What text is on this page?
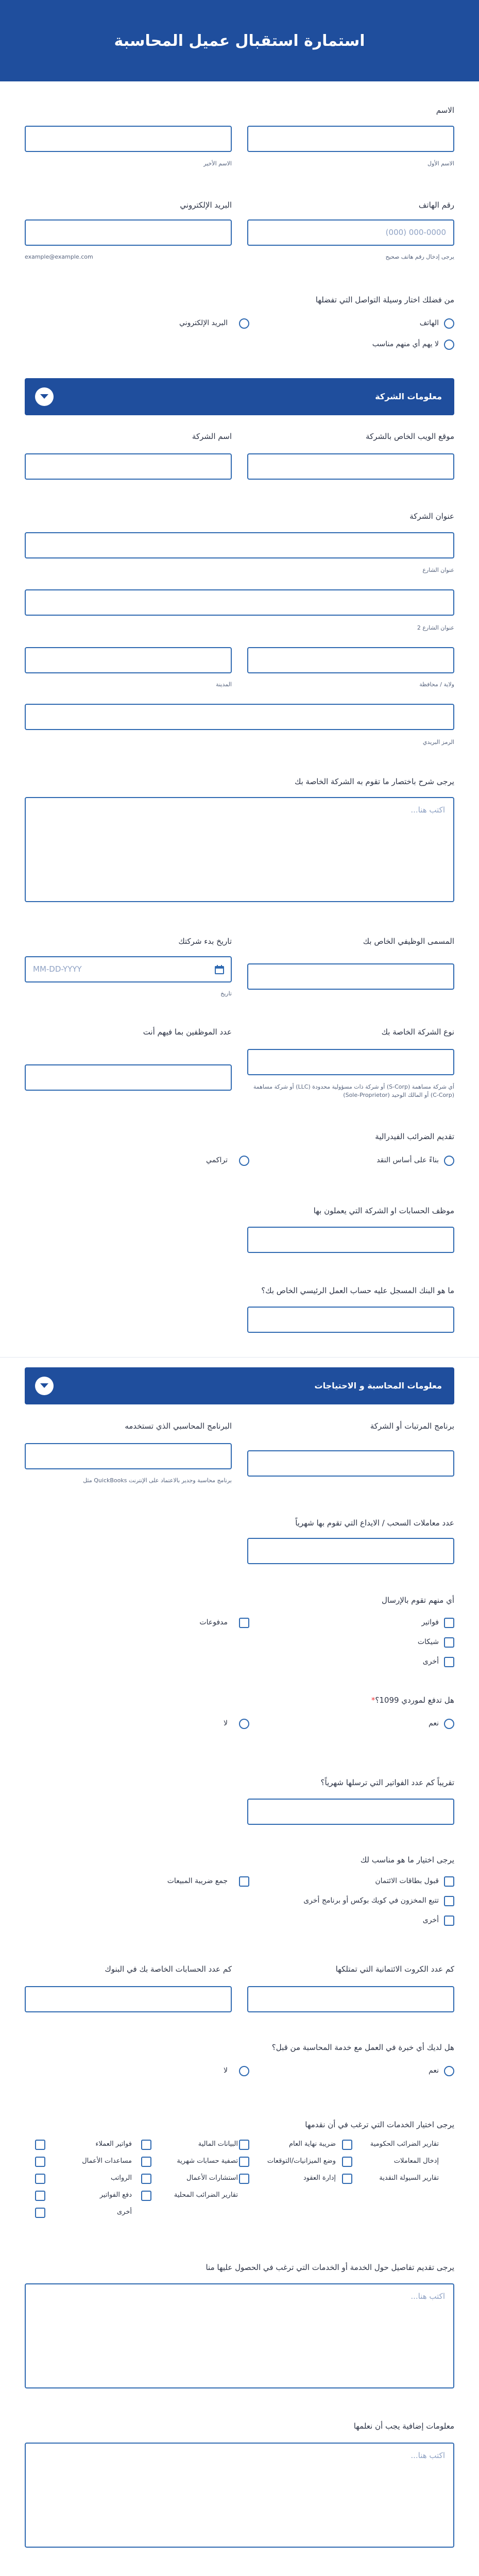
استمارة استقبال عميل المحاسبة
الاسم
الاسم الأول
الاسم الأخير
رقم الهاتف
(000) 000-0000
يرجى إدخال رقم هاتف صحيح
البريد الإلكتروني
example@example.com
من فضلك اختار وسيلة التواصل التي تفضلها
البريد الإلكتروني	الهاتف
لا يهم أي منهم مناسب
معلومات الشركة
موقع الويب الخاص بالشركة
اسم الشركة
عنوان الشركة
عنوان الشارع
عنوان الشارع 2
ولاية / محافظة
المدينة
الرمز البريدي
يرجى شرح باختصار ما تقوم به الشركة الخاصة بك
اكتب هنا...
المسمى الوظيفي الخاص بك
تاريخ بدء شركتك
MM-DD-YYYY
تاريخ
نوع الشركة الخاصة بك
أي شركة مساهمة (S-Corp) أو شركة ذات مسؤولية محدودة (LLC) أو شركة مساهمة (C-Corp) أو المالك الوحيد (Sole-Proprietor)
عدد الموظفين بما فيهم أنت
تقديم الضرائب الفيدرالية
تراكمي	بناءً على أساس النقد
موظف الحسابات او الشركة التي يعملون بها
ما هو البنك المسجل عليه حساب العمل الرئيسي الخاص بك؟
معلومات المحاسبة و الاحتياجات
برنامج المرتبات أو الشركة
البرنامج المحاسبي الذي تستخدمه
برنامج محاسبة وجدير بالاعتماد على الإنترنت QuickBooks مثل
عدد معاملات السحب / الايداع التي تقوم بها شهرياً
أي منهم تقوم بالإرسال
مدفوعات	فواتير
شيكات
أخرى
هل تدفع لموردي 1099؟*
لا	نعم
تقريباً كم عدد الفواتير التي ترسلها شهرياً؟
يرجى اختيار ما هو مناسب لك
جمع ضريبة المبيعات	قبول بطاقات الائتمان
تتبع المخزون في كويك بوكس أو برنامج أخرى
أخرى
كم عدد الكروت الائتمانية التي تمتلكها
كم عدد الحسابات الخاصة بك في البنوك
هل لديك أي خبرة في العمل مع خدمة المحاسبة من قبل؟
لا	نعم
يرجى اختيار الخدمات التي ترغب في أن نقدمها
تقارير الضرائب الحكومية
إدخال المعاملات
تقارير السيولة النقدية
ضريبة نهاية العام
وضع الميزانيات/التوقعات
إدارة العقود
البيانات المالية
تصفية حسابات شهرية
استشارات الأعمال
تقارير الضرائب المحلية
فواتير العملاء
مساعدات الأعمال
الرواتب
دفع الفواتير
أخرى
يرجى تقديم تفاصيل حول الخدمة أو الخدمات التي ترغب في الحصول عليها منا
اكتب هنا...
معلومات إضافية يجب أن نعلمها
اكتب هنا...
